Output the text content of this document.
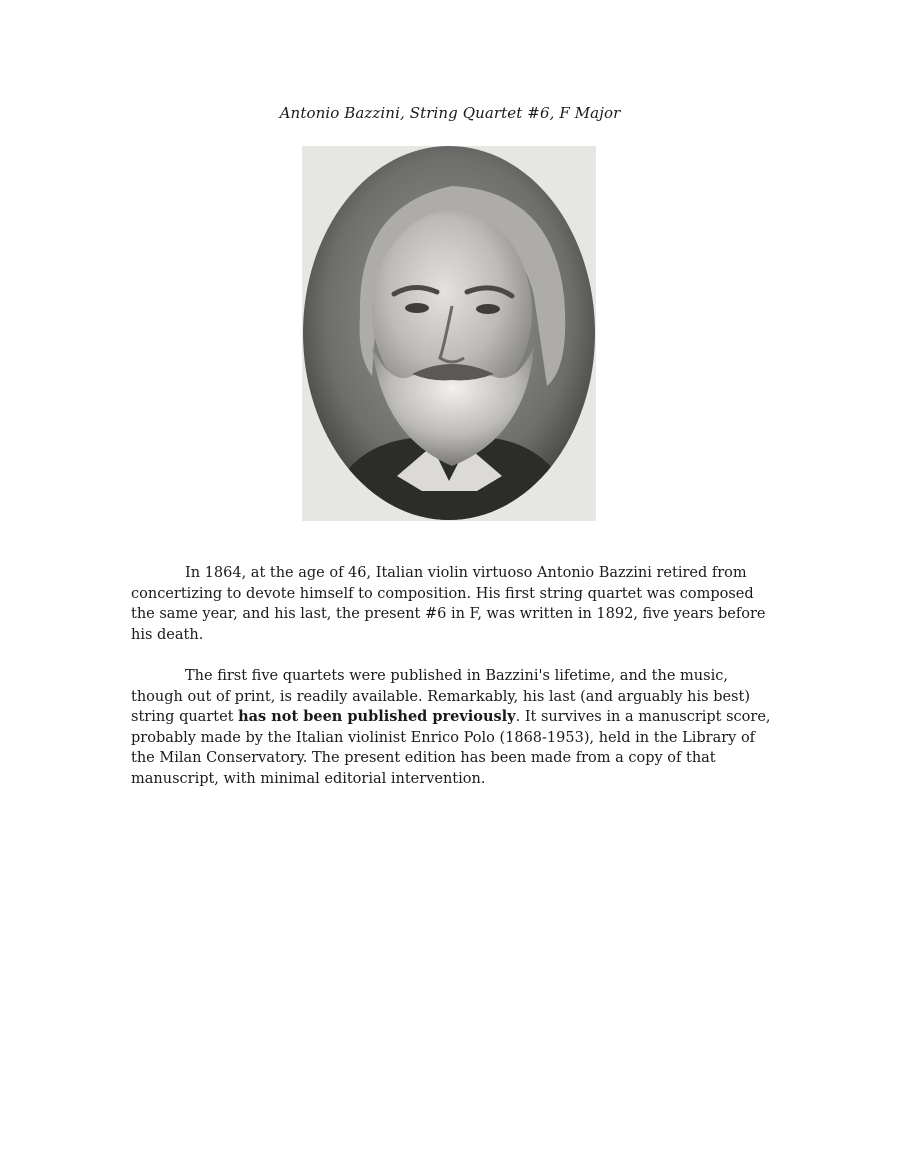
Antonio Bazzini, String Quartet #6, F Major

In 1864, at the age of 46, Italian violin virtuoso Antonio Bazzini retired from concertizing to devote himself to composition. His first string quartet was composed the same year, and his last, the present #6 in F, was written in 1892, five years before his death.

The first five quartets were published in Bazzini's lifetime, and the music, though out of print, is readily available. Remarkably, his last (and arguably his best) string quartet has not been published previously. It survives in a manuscript score, probably made by the Italian violinist Enrico Polo (1868-1953), held in the Library of the Milan Conservatory. The present edition has been made from a copy of that manuscript, with minimal editorial intervention.
